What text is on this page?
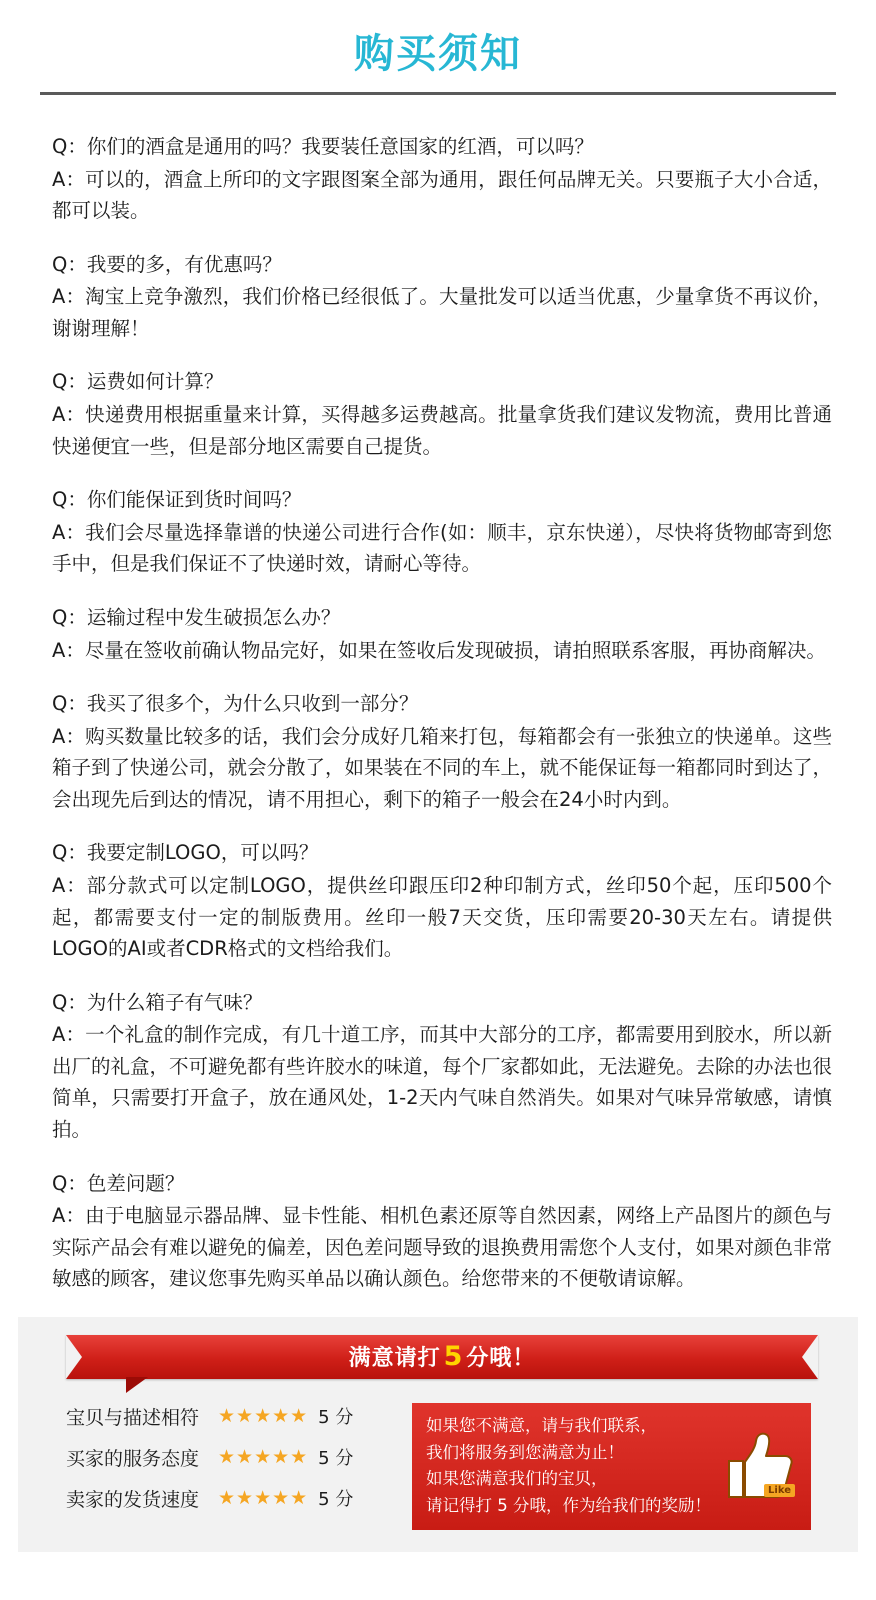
购买须知
Q：你们的酒盒是通用的吗？我要装任意国家的红酒，可以吗？
A：可以的，酒盒上所印的文字跟图案全部为通用，跟任何品牌无关。只要瓶子大小合适，都可以装。
Q：我要的多，有优惠吗？
A：淘宝上竞争激烈，我们价格已经很低了。大量批发可以适当优惠，少量拿货不再议价，谢谢理解！
Q：运费如何计算？
A：快递费用根据重量来计算，买得越多运费越高。批量拿货我们建议发物流，费用比普通快递便宜一些，但是部分地区需要自己提货。
Q：你们能保证到货时间吗？
A：我们会尽量选择靠谱的快递公司进行合作(如：顺丰，京东快递），尽快将货物邮寄到您手中，但是我们保证不了快递时效，请耐心等待。
Q：运输过程中发生破损怎么办？
A：尽量在签收前确认物品完好，如果在签收后发现破损，请拍照联系客服，再协商解决。
Q：我买了很多个，为什么只收到一部分？
A：购买数量比较多的话，我们会分成好几箱来打包，每箱都会有一张独立的快递单。这些箱子到了快递公司，就会分散了，如果装在不同的车上，就不能保证每一箱都同时到达了，会出现先后到达的情况，请不用担心，剩下的箱子一般会在24小时内到。
Q：我要定制LOGO，可以吗？
A：部分款式可以定制LOGO，提供丝印跟压印2种印制方式，丝印50个起，压印500个起，都需要支付一定的制版费用。丝印一般7天交货，压印需要20-30天左右。请提供LOGO的AI或者CDR格式的文档给我们。
Q：为什么箱子有气味？
A：一个礼盒的制作完成，有几十道工序，而其中大部分的工序，都需要用到胶水，所以新出厂的礼盒，不可避免都有些许胶水的味道，每个厂家都如此，无法避免。去除的办法也很简单，只需要打开盒子，放在通风处，1-2天内气味自然消失。如果对气味异常敏感，请慎拍。
Q：色差问题？
A：由于电脑显示器品牌、显卡性能、相机色素还原等自然因素，网络上产品图片的颜色与实际产品会有难以避免的偏差，因色差问题导致的退换费用需您个人支付，如果对颜色非常敏感的顾客，建议您事先购买单品以确认颜色。给您带来的不便敬请谅解。
满意请打 5 分哦！
宝贝与描述相符 ★★★★★ 5 分
买家的服务态度 ★★★★★ 5 分
卖家的发货速度 ★★★★★ 5 分
如果您不满意，请与我们联系，
我们将服务到您满意为止！
如果您满意我们的宝贝，
请记得打 5 分哦，作为给我们的奖励！
Like
